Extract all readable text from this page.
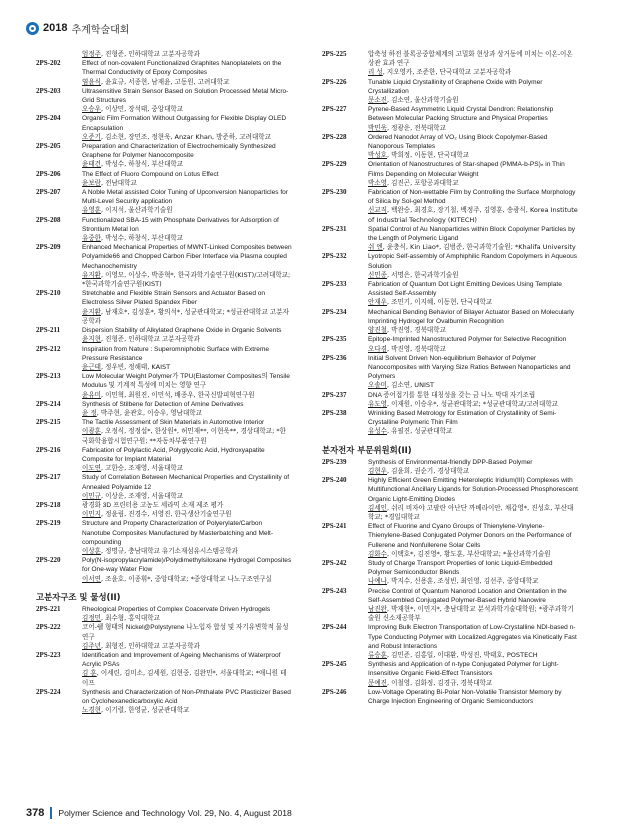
2018 추계학술대회
엄정주, 진형준, 인하대학교 고분자공학과
2PS-202	Effect of non-covalent Functionalized Graphites Nanoplatelets on the Thermal Conductivity of Epoxy Composites
염윤식, 윤효규, 서종현, 남재윤, 고동원, 고려대학교
2PS-203	Ultrasensitive Strain Sensor Based on Solution Processed Metal Micro-Grid Structures
오승우, 이상민, 장석태, 중앙대학교
2PS-204	Organic Film Formation Without Outgassing for Flexible Display OLED Encapsulation
오준기, 김소현, 장민조, 정현욱, Anzar Khan, 방준하, 고려대학교
2PS-205	Preparation and Characterization of Electrochemically Synthesized Graphene for Polymer Nanocomposite
윤태건, 박성수, 하창식, 부산대학교
2PS-206	The Effect of Fluoro Compound on Lotus Effect
윤보람, 전남대학교
2PS-207	A Noble Metal assisted Color Tuning of Upconversion Nanoparticles for Multi-Level Security application
유영훈, 이지석, 울산과학기술원
2PS-208	Functionalized SBA-15 with Phosphate Derivatives for Adsorption of Strontium Metal Ion
유중한, 박성수, 하창식, 부산대학교
2PS-209	Enhanced Mechanical Properties of MWNT-Linked Composites between Polyamide66 and Chopped Carbon Fiber Interface via Plasma coupled Mechanochemistry
유지환, 이영모, 이상수, 박종혁*, 한국과학기술연구원(KIST)/고려대학교; *한국과학기술연구원(KIST)
2PS-210	Stretchable and Flexible Strain Sensors and Actuator Based on Electroless Silver Plated Spandex Fiber
윤지환, 남재호*, 김성훈*, 황의석*, 성균관대학교; *성균관대학교 고분자공학과
2PS-211	Dispersion Stability of Alkylated Graphene Oxide in Organic Solvents
윤지현, 진형준, 인하대학교 고분자공학과
2PS-212	Inspiration from Nature : Superomniphobic Surface with Extreme Pressure Resistance
윤근태, 정우빈, 정해태, KAIST
2PS-213	Low Molecular Weight Polymer가 TPU(Elastomer Composites의 Tensile Modulus 및 기계적 특성에 미치는 영향 연구
윤유미, 이민혁, 최원진, 이민석, 배종우, 한국신발피혁연구원
2PS-214	Synthesis of Stilbene for Detection of Amine Derivatives
윤 정, 박주현, 윤관호, 이승우, 영남대학교
2PS-215	The Tactile Assessment of Skin Materials in Automotive Interior
이광훈, 오정식, 정정섭*, 한상원*, 허민재**, 이현욱**, 경상대학교; *한국화학융합시험연구원; **자동차부품연구원
2PS-216	Fabrication of Polylactic Acid, Polyglycolic Acid, Hydroxyapatite Composite for Implant Material
이도연, 고한승, 조재영, 서울대학교
2PS-217	Study of Correlation Between Mechanical Properties and Crystallinity of Annealed Polyamide 12
이민규, 이상운, 조재영, 서울대학교
2PS-218	광경화 3D 프린터용 고농도 세라믹 소재 제조 평가
이민지, 정윤림, 진경수, 서영진, 한국생산기술연구원
2PS-219	Structure and Property Characterization of Polyerylate/Carbon Nanotube Composites Manufactured by Masterbatching and Melt-compounding
이상훈, 정명규, 충남대학교 유기소재섬유시스템공학과
2PS-220	Poly(N-isopropylacrylamide)/Polydimethylsiloxane Hydrogel Composites for One-way Water Flow
이서연, 조윤호, 이종휘*, 중앙대학교; *중앙대학교 나노구조연구실
고분자구조 및 물성(II)
2PS-221	Rheological Properties of Complex Coacervate Driven Hydrogels
김정민, 최수형, 홍익대학교
2PS-222	코어-쉘 형태의 Nickel@Polystyrene 나노입자 합성 및 자기유변학적 물성 연구
김주년, 최형진, 인하대학교 고분자공학과
2PS-223	Identification and Improvement of Ageing Mechanisms of Waterproof Acrylic PSAs
김 훈, 이세린, 김미소, 김세원, 김현중, 김완민*, 서울대학교; *애니원 테이프
2PS-224	Synthesis and Characterization of Non-Phthalate PVC Plasticizer Based on Cyclohexanedicarboxylic Acid
노경현, 이기렬, 한영균, 성균관대학교
2PS-225	압축성 하전 블록공중합체계의 고밀화 현상과 상거동에 미치는 이온-이온 상관 효과 연구
리 성, 지오영카, 조준한, 단국대학교 고분자공학과
2PS-226	Tunable Liquid Crystallinity of Graphene Oxide with Polymer Crystallization
문소진, 김소연, 울산과학기술원
2PS-227	Pyrene-Based Asymmetric Liquid Crystal Dendron: Relationship Between Molecular Packing Structure and Physical Properties
박민욱, 정광운, 전북대학교
2PS-228	Ordered Nanodot Array of VO₂ Using Block Copolymer-Based Nanoporous Templates
박성호, 박희정, 이동현, 단국대학교
2PS-229	Orientation of Nanostructures of Star-shaped (PMMA-b-PS)ₙ in Thin Films Depending on Molecular Weight
박소영, 김진곤, 포항공과대학교
2PS-230	Fabrication of Non-wettable Film by Controlling the Surface Morphology of Silica by Sol-gel Method
신교직, 백완승, 최경호, 장기철, 백정주, 김영훈, 송광식, Korea Institute of Industrial Technology (KITECH)
2PS-231	Spatial Control of Au Nanoparticles within Block Copolymer Particles by the Length of Polymeric Ligand
쉬 엔, 윤충식, Kin Liao*, 김범준, 한국과학기술원; *Khalifa University
2PS-232	Lyotropic Self-assembly of Amphiphilic Random Copolymers in Aqueous Solution
신민종, 서명은, 한국과학기술원
2PS-233	Fabrication of Quantum Dot Light Emitting Devices Using Template Assisted Self-Assembly
안재우, 조민기, 이지혜, 이동현, 단국대학교
2PS-234	Mechanical Bending Behavior of Bilayer Actuator Based on Molecularly Imprinting Hydrogel for Ovalbumin Recognition
양진철, 박진영, 경북대학교
2PS-235	Epitope-Imprinted Nanostructured Polymer for Selective Recognition
오다겸, 박진영, 경북대학교
2PS-236	Initial Solvent Driven Non-equilibrium Behavior of Polymer Nanocomposites with Varying Size Ratios Between Nanoparticles and Polymers
오솔미, 김소연, UNIST
2PS-237	DNA 증어접기를 통한 대칭성을 갖는 금 나노 막대 자기조립
유도영, 이재원, 이승우*, 성균관대학교; *성균관대학교/고려대학교
2PS-238	Wrinkling Based Metrology for Estimation of Crystallinity of Semi-Crystalline Polymeric Thin Film
유성수, 유필진, 성균관대학교
분자전자 부문위원회(II)
2PS-239	Synthesis of Environmental-friendly DPP-Based Polymer
김현우, 김윤희, 권순기, 경상대학교
2PS-240	Highly Efficient Green Emitting Heteroleptic Iridium(III) Complexes with Multifunctional Ancillary Ligands for Solution-Processed Phosphorescent Organic Light-Emitting Diodes
김세인, 쉬리 비자야 고팔란 아난단 까베라이안, 채갑영*, 진성호, 부산대학교; *경일대학교
2PS-241	Effect of Fluorine and Cyano Groups of Thienylene-Vinylene-Thienylene-Based Conjugated Polymer Donors on the Performance of Fullerene and Nonfullerene Solar Cells
김화수, 이택호*, 김진영*, 황도훈, 부산대학교; *울산과학기술원
2PS-242	Study of Charge Transport Properties of Ionic Liquid-Embedded Polymer Semiconductor Blends
나예나, 박지수, 신용훈, 조성빈, 최인영, 김선주, 중앙대학교
2PS-243	Precise Control of Quantum Nanorod Location and Orientation in the Self-Assembled Conjugated Polymer-Based Hybrid Nanowire
남진완, 박재현*, 이민지*, 충남대학교 분석과학기술대학원; *광주과학기술원 신소재공학부
2PS-244	Improving Bulk Electron Transportation of Low-Crystalline NDI-based n-Type Conducting Polymer with Localized Aggregates via Kinetically Fast and Robust Interactions
류승훈, 김민준, 김홍일, 이대환, 박성진, 박태호, POSTECH
2PS-245	Synthesis and Application of n-type Conjugated Polymer for Light-Insensitive Organic Field-Effect Transistors
문예진, 이철영, 김화정, 김경규, 경북대학교
2PS-246	Low-Voltage Operating Bi-Polar Non-Volatile Transistor Memory by Charge Injection Engineering of Organic Semiconductors
378 Polymer Science and Technology Vol. 29, No. 4, August 2018
